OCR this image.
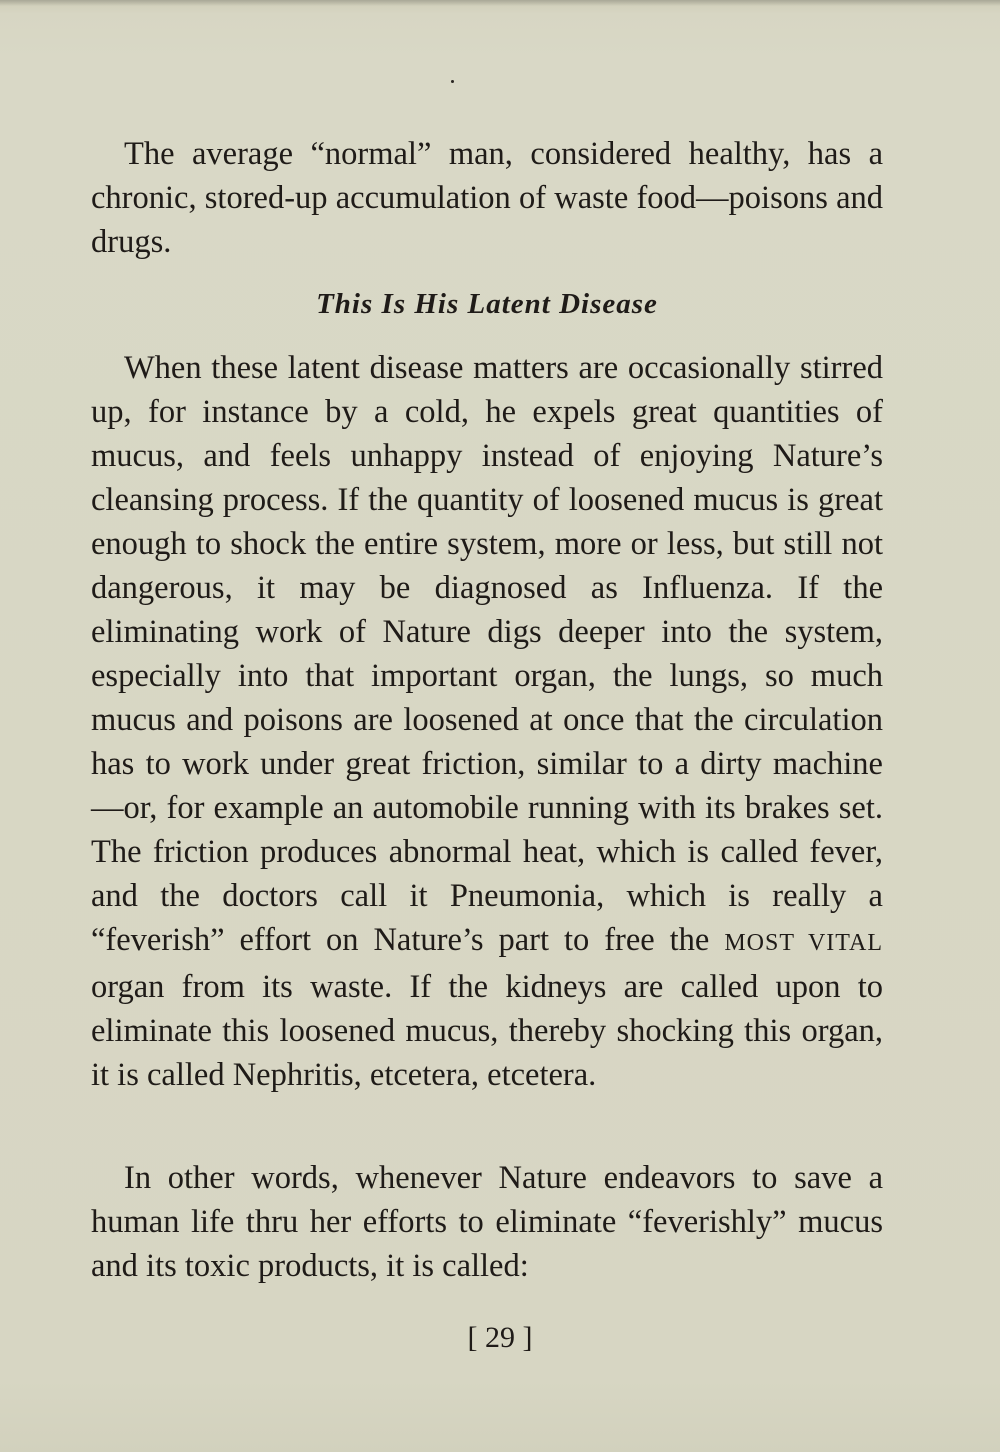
The average “normal” man, considered healthy, has a chronic, stored-up accumulation of waste food—poisons and drugs.

This Is His Latent Disease

When these latent disease matters are occasionally stirred up, for instance by a cold, he expels great quantities of mucus, and feels unhappy instead of enjoying Nature’s cleansing process. If the quantity of loosened mucus is great enough to shock the entire system, more or less, but still not dangerous, it may be diagnosed as Influenza. If the eliminating work of Nature digs deeper into the system, especially into that important organ, the lungs, so much mucus and poisons are loosened at once that the circulation has to work under great friction, similar to a dirty machine—or, for example an automobile running with its brakes set. The friction produces abnormal heat, which is called fever, and the doctors call it Pneumonia, which is really a “feverish” effort on Nature’s part to free the MOST VITAL organ from its waste. If the kidneys are called upon to eliminate this loosened mucus, thereby shocking this organ, it is called Nephritis, etcetera, etcetera.

In other words, whenever Nature endeavors to save a human life thru her efforts to eliminate “feverishly” mucus and its toxic products, it is called:

[ 29 ]
